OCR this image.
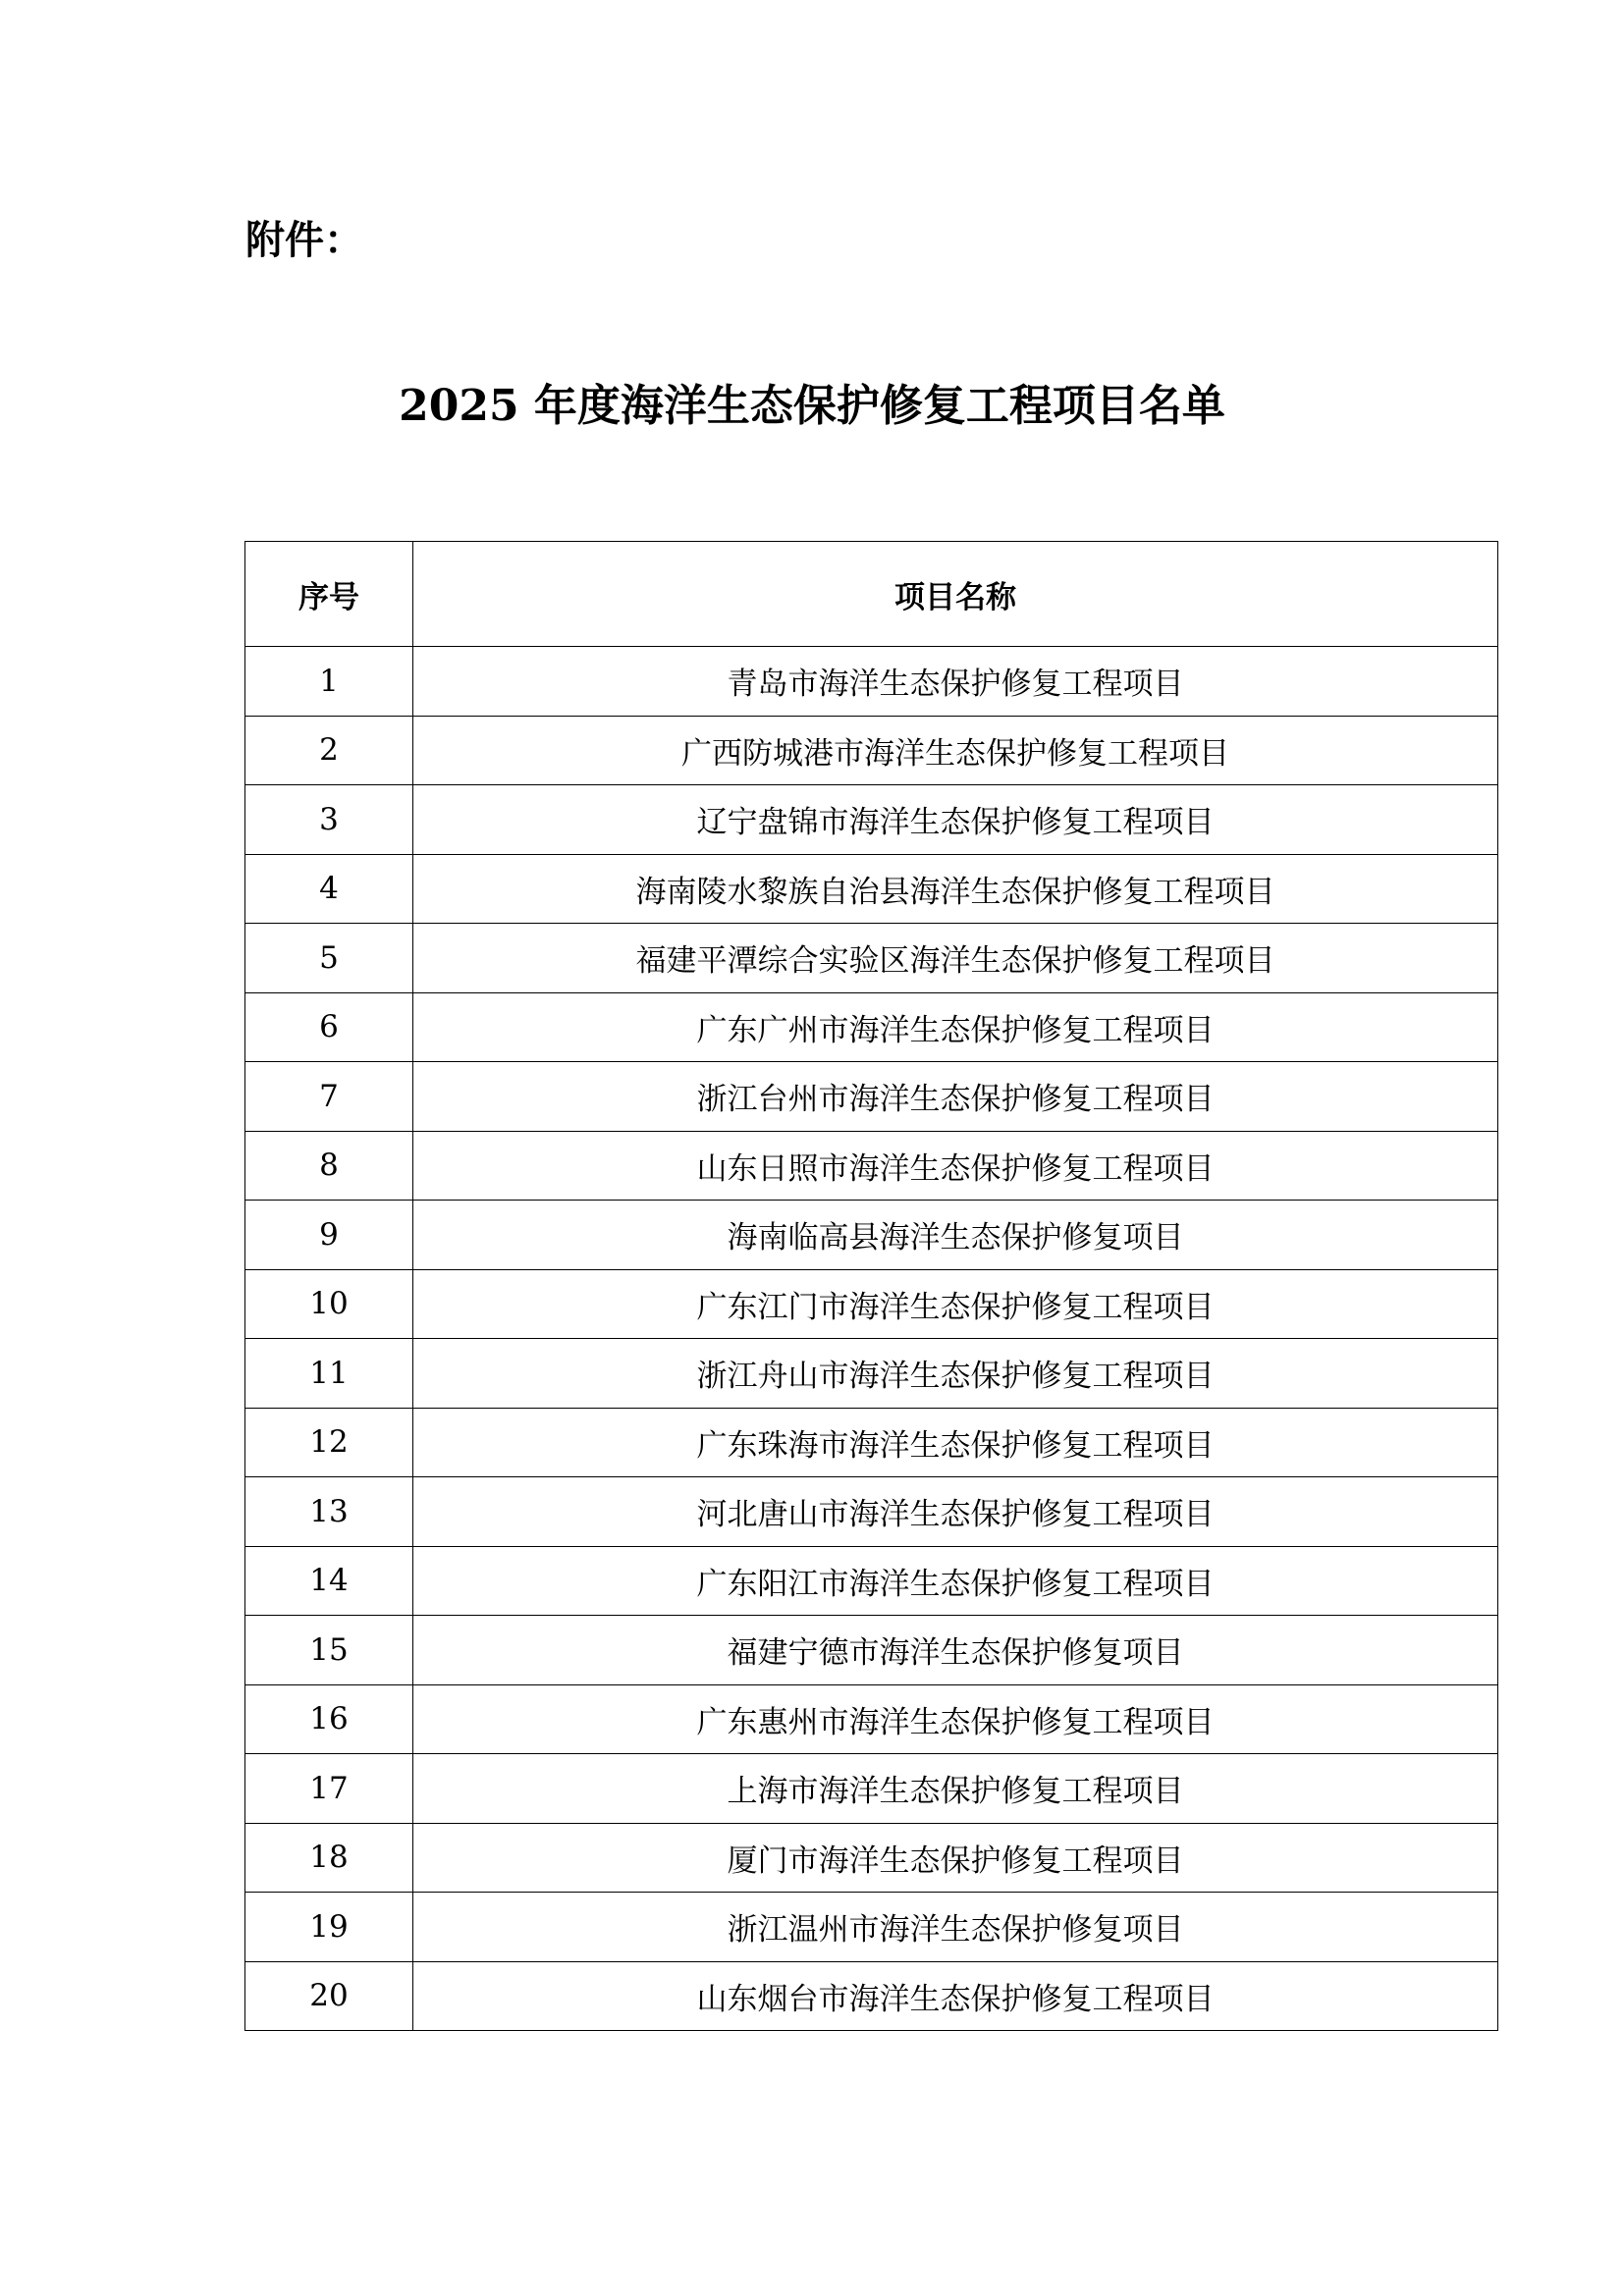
附件：
2025 年度海洋生态保护修复工程项目名单
序号	项目名称
1	青岛市海洋生态保护修复工程项目
2	广西防城港市海洋生态保护修复工程项目
3	辽宁盘锦市海洋生态保护修复工程项目
4	海南陵水黎族自治县海洋生态保护修复工程项目
5	福建平潭综合实验区海洋生态保护修复工程项目
6	广东广州市海洋生态保护修复工程项目
7	浙江台州市海洋生态保护修复工程项目
8	山东日照市海洋生态保护修复工程项目
9	海南临高县海洋生态保护修复项目
10	广东江门市海洋生态保护修复工程项目
11	浙江舟山市海洋生态保护修复工程项目
12	广东珠海市海洋生态保护修复工程项目
13	河北唐山市海洋生态保护修复工程项目
14	广东阳江市海洋生态保护修复工程项目
15	福建宁德市海洋生态保护修复项目
16	广东惠州市海洋生态保护修复工程项目
17	上海市海洋生态保护修复工程项目
18	厦门市海洋生态保护修复工程项目
19	浙江温州市海洋生态保护修复项目
20	山东烟台市海洋生态保护修复工程项目
